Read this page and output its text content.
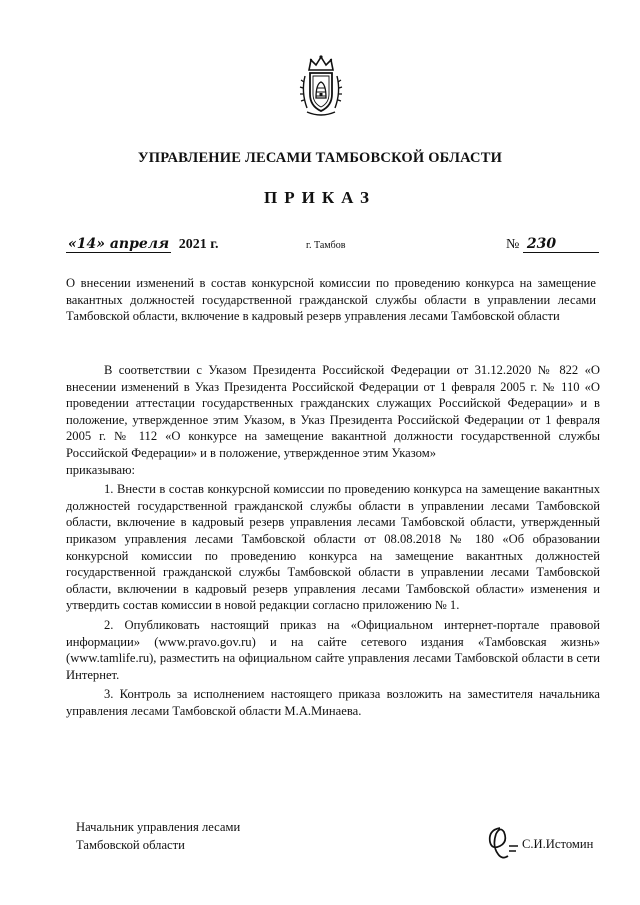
УПРАВЛЕНИЕ ЛЕСАМИ ТАМБОВСКОЙ ОБЛАСТИ
ПРИКАЗ
«14» апреля 2021 г.	г. Тамбов	№ 230
О внесении изменений в состав конкурсной комиссии по проведению конкурса на замещение вакантных должностей государственной гражданской службы области в управлении лесами Тамбовской области, включение в кадровый резерв управления лесами Тамбовской области

В соответствии с Указом Президента Российской Федерации от 31.12.2020 № 822 «О внесении изменений в Указ Президента Российской Федерации от 1 февраля 2005 г. № 110 «О проведении аттестации государственных гражданских служащих Российской Федерации» и в положение, утвержденное этим Указом, в Указ Президента Российской Федерации от 1 февраля 2005 г. № 112 «О конкурсе на замещение вакантной должности государственной службы Российской Федерации» и в положение, утвержденное этим Указом»

приказываю:

1. Внести в состав конкурсной комиссии по проведению конкурса на замещение вакантных должностей государственной гражданской службы области в управлении лесами Тамбовской области, включение в кадровый резерв управления лесами Тамбовской области, утвержденный приказом управления лесами Тамбовской области от 08.08.2018 № 180 «Об образовании конкурсной комиссии по проведению конкурса на замещение вакантных должностей государственной гражданской службы Тамбовской области в управлении лесами Тамбовской области, включении в кадровый резерв управления лесами Тамбовской области» изменения и утвердить состав комиссии в новой редакции согласно приложению № 1.

2. Опубликовать настоящий приказ на «Официальном интернет-портале правовой информации» (www.pravo.gov.ru) и на сайте сетевого издания «Тамбовская жизнь» (www.tamlife.ru), разместить на официальном сайте управления лесами Тамбовской области в сети Интернет.

3. Контроль за исполнением настоящего приказа возложить на заместителя начальника управления лесами Тамбовской области М.А.Минаева.

Начальник управления лесами
Тамбовской области	С.И.Истомин
